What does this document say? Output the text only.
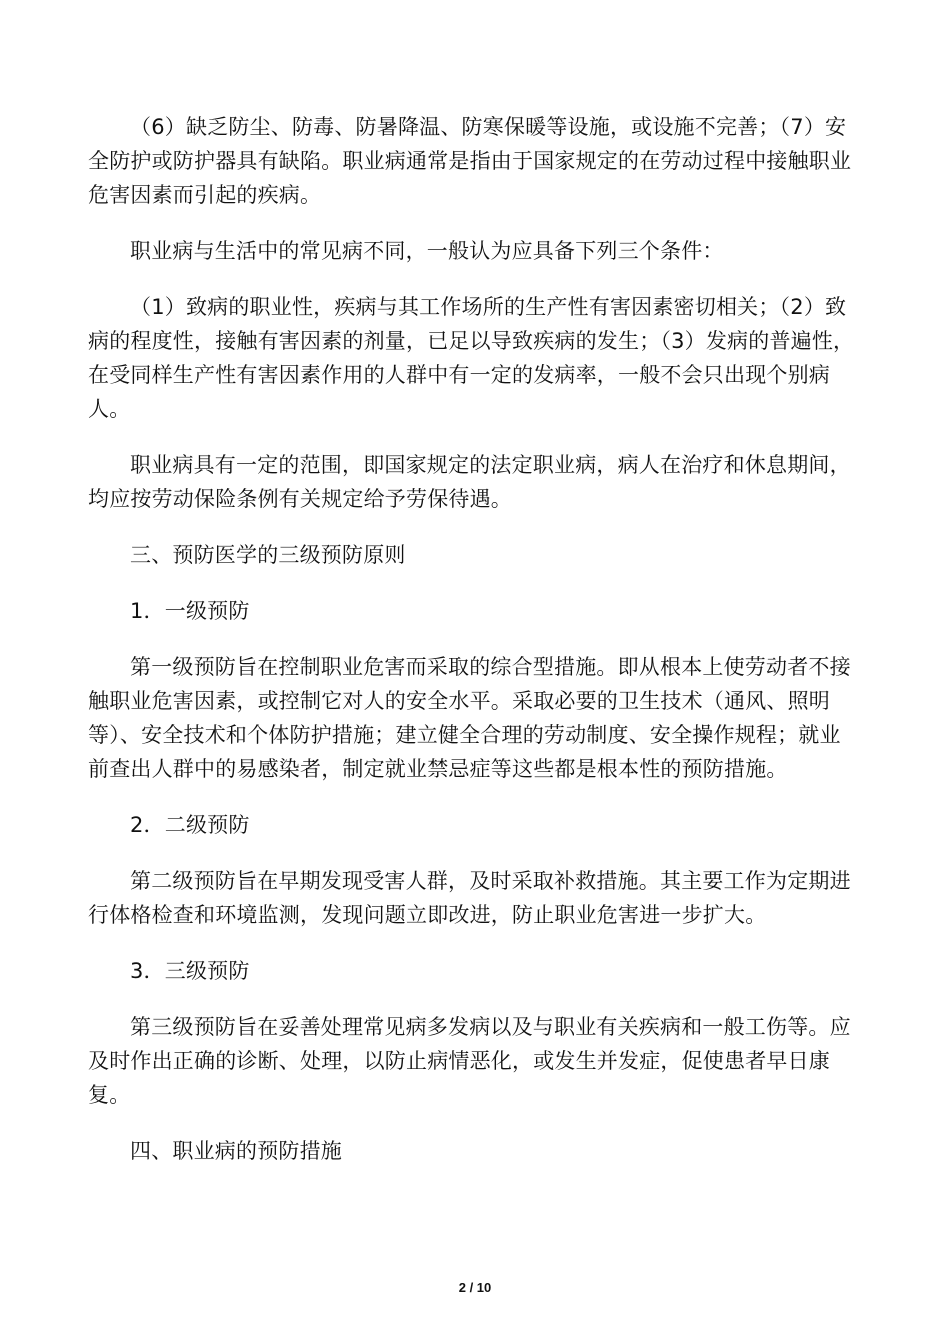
（6）缺乏防尘、防毒、防暑降温、防寒保暖等设施，或设施不完善；（7）安全防护或防护器具有缺陷。职业病通常是指由于国家规定的在劳动过程中接触职业危害因素而引起的疾病。

职业病与生活中的常见病不同，一般认为应具备下列三个条件：

（1）致病的职业性，疾病与其工作场所的生产性有害因素密切相关；（2）致病的程度性，接触有害因素的剂量，已足以导致疾病的发生；（3）发病的普遍性，在受同样生产性有害因素作用的人群中有一定的发病率，一般不会只出现个别病人。

职业病具有一定的范围，即国家规定的法定职业病，病人在治疗和休息期间，均应按劳动保险条例有关规定给予劳保待遇。

三、预防医学的三级预防原则

1．一级预防

第一级预防旨在控制职业危害而采取的综合型措施。即从根本上使劳动者不接触职业危害因素，或控制它对人的安全水平。采取必要的卫生技术（通风、照明等）、安全技术和个体防护措施；建立健全合理的劳动制度、安全操作规程；就业前查出人群中的易感染者，制定就业禁忌症等这些都是根本性的预防措施。

2．二级预防

第二级预防旨在早期发现受害人群，及时采取补救措施。其主要工作为定期进行体格检查和环境监测，发现问题立即改进，防止职业危害进一步扩大。

3．三级预防

第三级预防旨在妥善处理常见病多发病以及与职业有关疾病和一般工伤等。应及时作出正确的诊断、处理，以防止病情恶化，或发生并发症，促使患者早日康复。

四、职业病的预防措施

2 / 10
